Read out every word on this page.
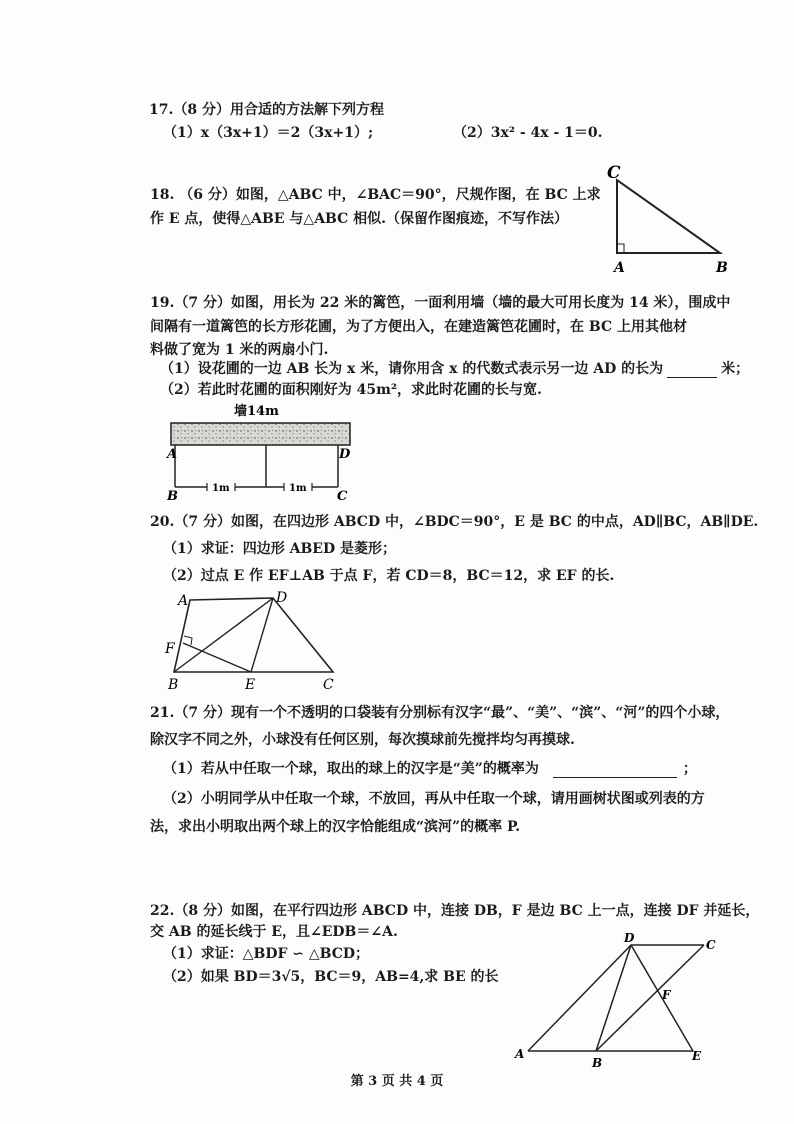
17.（8 分）用合适的方法解下列方程
（1）x（3x+1）＝2（3x+1）;	（2）3x² - 4x - 1＝0.
18. （6 分）如图，△ABC 中，∠BAC＝90°，尺规作图，在 BC 上求
作 E 点，使得△ABE 与△ABC 相似.（保留作图痕迹，不写作法）
C
A	B
19.（7 分）如图，用长为 22 米的篱笆，一面利用墙（墙的最大可用长度为 14 米），围成中
间隔有一道篱笆的长方形花圃，为了方便出入，在建造篱笆花圃时，在 BC 上用其他材
料做了宽为 1 米的两扇小门.
（1）设花圃的一边 AB 长为 x 米，请你用含 x 的代数式表示另一边 AD 的长为	米；
（2）若此时花圃的面积刚好为 45m²，求此时花圃的长与宽.
墙14m
1m	1m
A	D
B	C
20.（7 分）如图，在四边形 ABCD 中，∠BDC＝90°，E 是 BC 的中点，AD∥BC，AB∥DE.
（1）求证：四边形 ABED 是菱形；
（2）过点 E 作 EF⊥AB 于点 F，若 CD＝8，BC＝12，求 EF 的长.
A	D
F
B	E	C
21.（7 分）现有一个不透明的口袋装有分别标有汉字“最”、“美”、“滨”、“河”的四个小球，
除汉字不同之外，小球没有任何区别，每次摸球前先搅拌均匀再摸球.
（1）若从中任取一个球，取出的球上的汉字是“美”的概率为	；
（2）小明同学从中任取一个球，不放回，再从中任取一个球，请用画树状图或列表的方
法，求出小明取出两个球上的汉字恰能组成“滨河”的概率 P.
22.（8 分）如图，在平行四边形 ABCD 中，连接 DB，F 是边 BC 上一点，连接 DF 并延长，
交 AB 的延长线于 E，且∠EDB＝∠A.
（1）求证：△BDF ∽ △BCD；
（2）如果 BD＝3√5，BC＝9，AB=4,求 BE 的长
D	C
F
A
B	E
第 3 页 共 4 页
